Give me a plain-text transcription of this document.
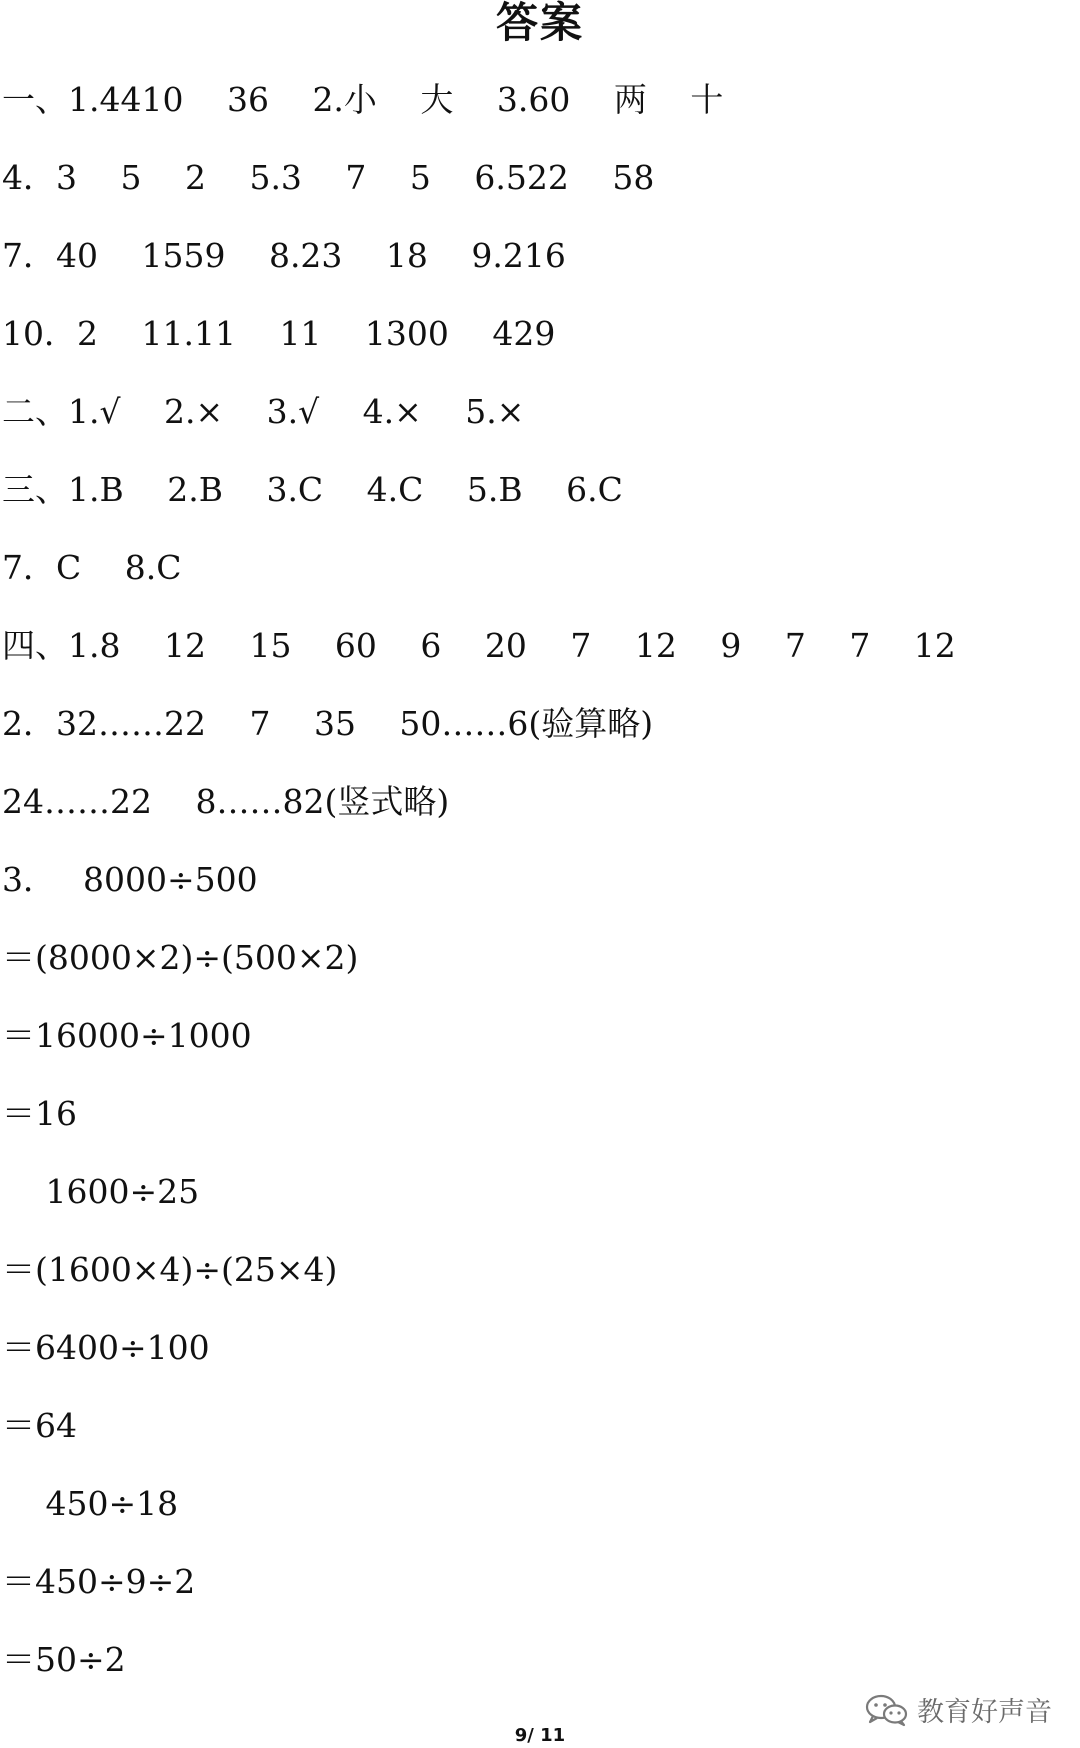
答案
一、1.4410　 36　 2.小　 大　 3.60　 两　 十
4．3　 5　 2　 5.3　 7　 5　 6.522　 58
7．40　 1559　 8.23　 18　 9.216
10．2　 11.11　 11　 1300　 429
二、1.√　 2.×　 3.√　 4.×　 5.×
三、1.B　 2.B　 3.C　 4.C　 5.B　 6.C
7．C　 8.C
四、1.8　 12　 15　 60　 6　 20　 7　 12　 9　 7　 7　 12
2．32……22　 7　 35　 50……6(验算略)
24……22　 8……82(竖式略)
3．　 8000÷500
＝(8000×2)÷(500×2)
＝16000÷1000
＝16
　 1600÷25
＝(1600×4)÷(25×4)
＝6400÷100
＝64
　 450÷18
＝450÷9÷2
＝50÷2
教育好声音
9/ 11
